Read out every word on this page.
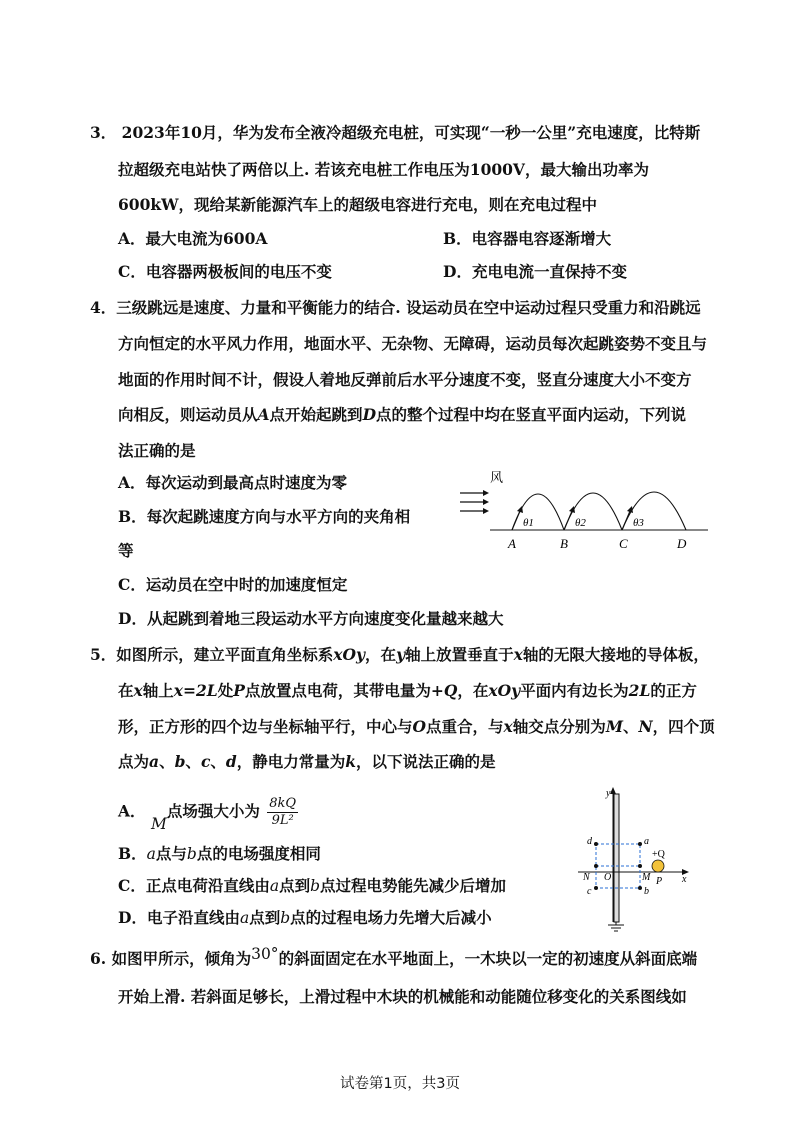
3． 2023年10月，华为发布全液冷超级充电桩，可实现“一秒一公里”充电速度，比特斯
拉超级充电站快了两倍以上. 若该充电桩工作电压为1000V，最大输出功率为
600kW，现给某新能源汽车上的超级电容进行充电，则在充电过程中
A．最大电流为600A	B．电容器电容逐渐增大
C．电容器两极板间的电压不变	D．充电电流一直保持不变
4．三级跳远是速度、力量和平衡能力的结合. 设运动员在空中运动过程只受重力和沿跳远
方向恒定的水平风力作用，地面水平、无杂物、无障碍，运动员每次起跳姿势不变且与
地面的作用时间不计，假设人着地反弹前后水平分速度不变，竖直分速度大小不变方
向相反，则运动员从A点开始起跳到D点的整个过程中均在竖直平面内运动，下列说
法正确的是
A．每次运动到最高点时速度为零
B．每次起跳速度方向与水平方向的夹角相
等
C．运动员在空中时的加速度恒定
D．从起跳到着地三段运动水平方向速度变化量越来越大
风
θ1	θ2	θ3
A	B	C	D
5．如图所示，建立平面直角坐标系xOy，在y轴上放置垂直于x轴的无限大接地的导体板，
在x轴上x=2L处P点放置点电荷，其带电量为+Q，在xOy平面内有边长为2L的正方
形，正方形的四个边与坐标轴平行，中心与O点重合，与x轴交点分别为M、N，四个顶
点为a、b、c、d，静电力常量为k，以下说法正确的是
A． M点场强大小为 $\frac{8kQ}{\text{9L²}}$
B．a点与b点的电场强度相同
C．正点电荷沿直线由a点到b点过程电势能先减少后增加
D．电子沿直线由a点到b点的过程电场力先增大后减小
y
x
d	a
c	b
N	M
O
+Q
P
6. 如图甲所示，倾角为30°的斜面固定在水平地面上，一木块以一定的初速度从斜面底端
开始上滑. 若斜面足够长，上滑过程中木块的机械能和动能随位移变化的关系图线如
试卷第1页，共3页
